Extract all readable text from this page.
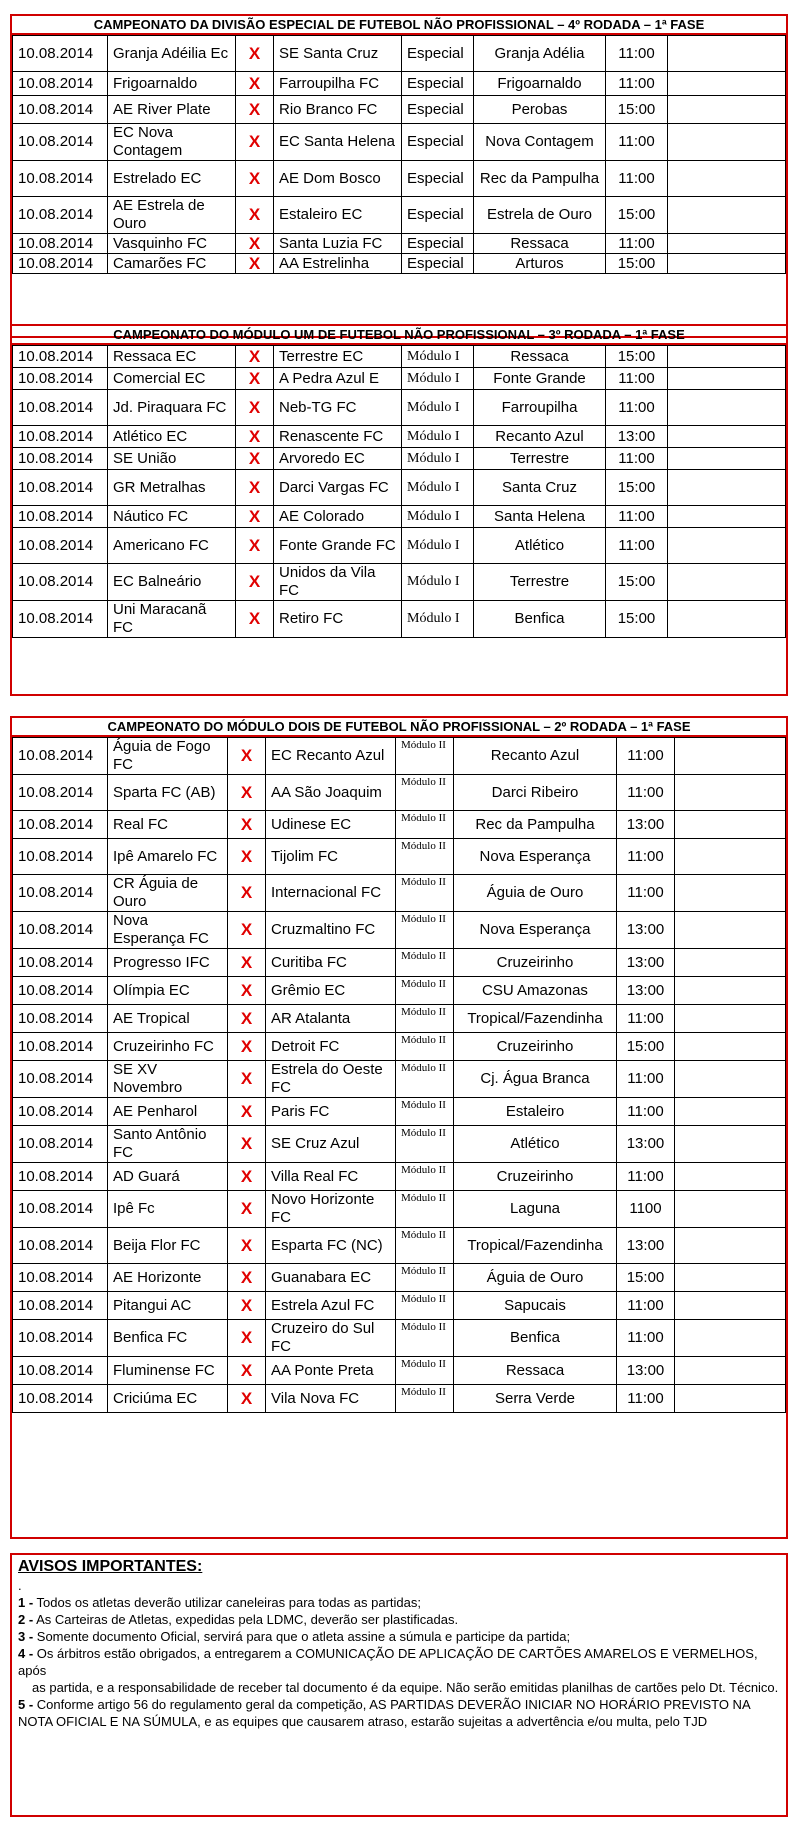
CAMPEONATO DA DIVISÃO ESPECIAL DE FUTEBOL NÃO PROFISSIONAL – 4º RODADA – 1ª FASE
10.08.2014	Granja Adéilia Ec	X	SE Santa Cruz	Especial	Granja Adélia	11:00	
10.08.2014	Frigoarnaldo	X	Farroupilha FC	Especial	Frigoarnaldo	11:00	
10.08.2014	AE River Plate	X	Rio Branco FC	Especial	Perobas	15:00	
10.08.2014	EC Nova Contagem	X	EC Santa Helena	Especial	Nova Contagem	11:00	
10.08.2014	Estrelado EC	X	AE Dom Bosco	Especial	Rec da Pampulha	11:00	
10.08.2014	AE Estrela de Ouro	X	Estaleiro EC	Especial	Estrela de Ouro	15:00	
10.08.2014	Vasquinho FC	X	Santa Luzia FC	Especial	Ressaca	11:00	
10.08.2014	Camarões FC	X	AA Estrelinha	Especial	Arturos	15:00	
CAMPEONATO DO MÓDULO UM DE FUTEBOL NÃO PROFISSIONAL – 3º RODADA – 1ª FASE
10.08.2014	Ressaca EC	X	Terrestre EC	Módulo I	Ressaca	15:00	
10.08.2014	Comercial EC	X	A Pedra Azul E	Módulo I	Fonte Grande	11:00	
10.08.2014	Jd. Piraquara FC	X	Neb-TG FC	Módulo I	Farroupilha	11:00	
10.08.2014	Atlético EC	X	Renascente FC	Módulo I	Recanto Azul	13:00	
10.08.2014	SE União	X	Arvoredo EC	Módulo I	Terrestre	11:00	
10.08.2014	GR Metralhas	X	Darci Vargas FC	Módulo I	Santa Cruz	15:00	
10.08.2014	Náutico FC	X	AE Colorado	Módulo I	Santa Helena	11:00	
10.08.2014	Americano FC	X	Fonte Grande FC	Módulo I	Atlético	11:00	
10.08.2014	EC Balneário	X	Unidos da Vila FC	Módulo I	Terrestre	15:00	
10.08.2014	Uni Maracanã FC	X	Retiro FC	Módulo I	Benfica	15:00	
CAMPEONATO DO MÓDULO DOIS DE FUTEBOL NÃO PROFISSIONAL – 2º RODADA – 1ª FASE
10.08.2014	Águia de Fogo FC	X	EC Recanto Azul	Módulo II	Recanto Azul	11:00	
10.08.2014	Sparta FC (AB)	X	AA São Joaquim	Módulo II	Darci Ribeiro	11:00	
10.08.2014	Real FC	X	Udinese EC	Módulo II	Rec da Pampulha	13:00	
10.08.2014	Ipê Amarelo FC	X	Tijolim FC	Módulo II	Nova Esperança	11:00	
10.08.2014	CR Águia de Ouro	X	Internacional FC	Módulo II	Águia de Ouro	11:00	
10.08.2014	Nova Esperança FC	X	Cruzmaltino FC	Módulo II	Nova Esperança	13:00	
10.08.2014	Progresso IFC	X	Curitiba FC	Módulo II	Cruzeirinho	13:00	
10.08.2014	Olímpia EC	X	Grêmio EC	Módulo II	CSU Amazonas	13:00	
10.08.2014	AE Tropical	X	AR Atalanta	Módulo II	Tropical/Fazendinha	11:00	
10.08.2014	Cruzeirinho FC	X	Detroit FC	Módulo II	Cruzeirinho	15:00	
10.08.2014	SE XV Novembro	X	Estrela do Oeste FC	Módulo II	Cj. Água Branca	11:00	
10.08.2014	AE Penharol	X	Paris FC	Módulo II	Estaleiro	11:00	
10.08.2014	Santo Antônio FC	X	SE Cruz Azul	Módulo II	Atlético	13:00	
10.08.2014	AD Guará	X	Villa Real FC	Módulo II	Cruzeirinho	11:00	
10.08.2014	Ipê Fc	X	Novo Horizonte FC	Módulo II	Laguna	1100	
10.08.2014	Beija Flor FC	X	Esparta FC (NC)	Módulo II	Tropical/Fazendinha	13:00	
10.08.2014	AE Horizonte	X	Guanabara EC	Módulo II	Águia de Ouro	15:00	
10.08.2014	Pitangui AC	X	Estrela Azul FC	Módulo II	Sapucais	11:00	
10.08.2014	Benfica FC	X	Cruzeiro do Sul FC	Módulo II	Benfica	11:00	
10.08.2014	Fluminense FC	X	AA Ponte Preta	Módulo II	Ressaca	13:00	
10.08.2014	Criciúma EC	X	Vila Nova FC	Módulo II	Serra Verde	11:00	
AVISOS IMPORTANTES:

.

1 - Todos os atletas deverão utilizar caneleiras para todas as partidas;

2 - As Carteiras de Atletas, expedidas pela LDMC, deverão ser plastificadas.

3 - Somente documento Oficial, servirá para que o atleta assine a súmula e participe da partida;

4 - Os árbitros estão obrigados, a entregarem a COMUNICAÇÃO DE APLICAÇÃO DE CARTÕES AMARELOS E VERMELHOS, após

as partida, e a responsabilidade de receber tal documento é da equipe. Não serão emitidas planilhas de cartões pelo Dt. Técnico.

5 - Conforme artigo 56 do regulamento geral da competição, AS PARTIDAS DEVERÃO INICIAR NO HORÁRIO PREVISTO NA NOTA OFICIAL E NA SÚMULA, e as equipes que causarem atraso, estarão sujeitas a advertência e/ou multa, pelo TJD
